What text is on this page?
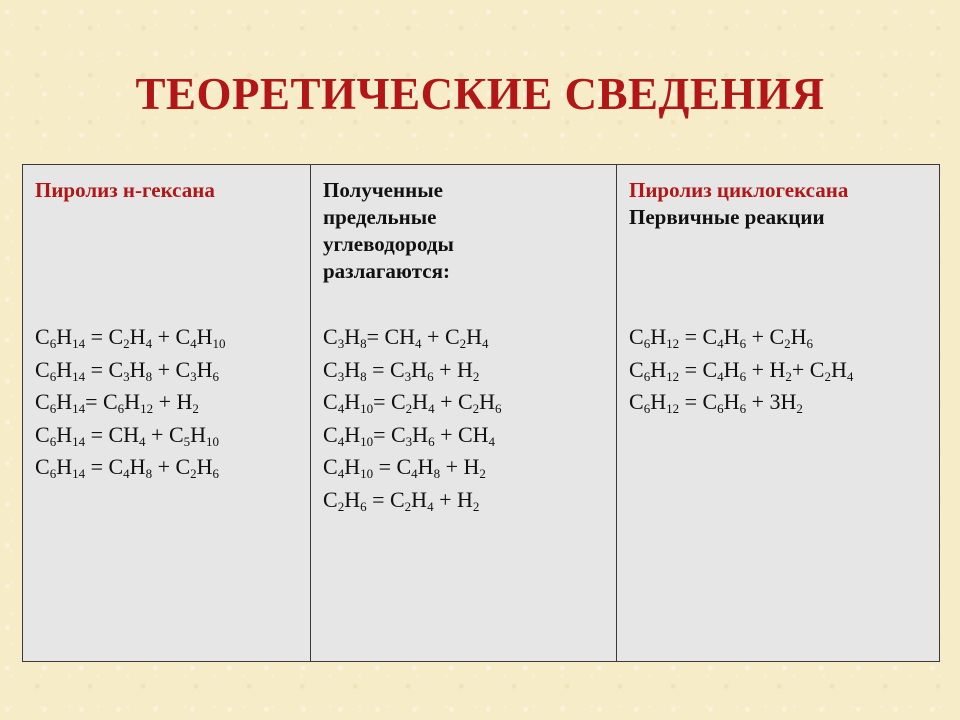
ТЕОРЕТИЧЕСКИЕ СВЕДЕНИЯ
Пиролиз н-гексана
$C_6H_{14} = C_2H_4 + C_4H_{10}$
$C_6H_{14} = C_3H_8 + C_3H_6$
$C_6H_{14}= C_6H_{12} + H_2$
$C_6H_{14} = CH_4 + C_5H_{10}$
$C_6H_{14} = C_4H_8 + C_2H_6$
Полученные
предельные
углеводороды
разлагаются:
$C_3H_8= CH_4 + C_2H_4$
$C_3H_8 = C_3H_6 + H_2$
$C_4H_{10}= C_2H_4 + C_2H_6$
$C_4H_{10}= C_3H_6 + CH_4$
$C_4H_{10} = C_4H_8 + H_2$
$C_2H_6 = C_2H_4 + H_2$
Пиролиз циклогексана
Первичные реакции
$C_6H_{12} = C_4H_6 + C_2H_6$
$C_6H_{12} = C_4H_6 + H_2+ C_2H_4$
$C_6H_{12} = C_6H_6 + 3H_2$
